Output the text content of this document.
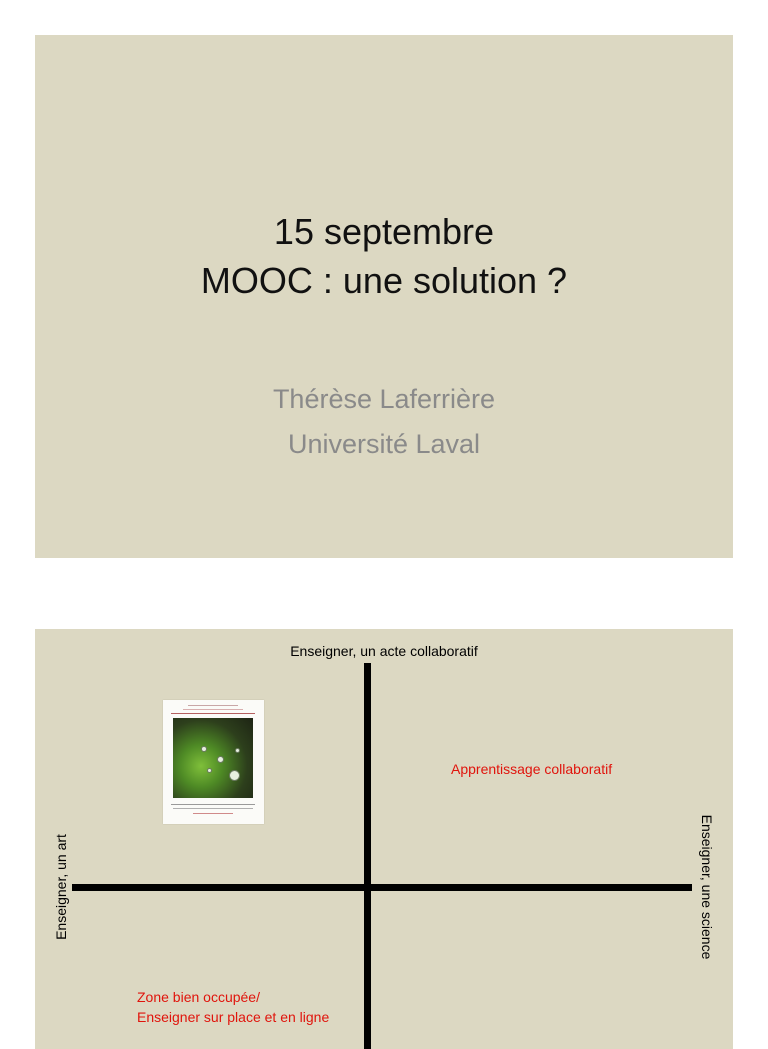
15 septembre
MOOC : une solution ?
Thérèse Laferrière
Université Laval
Enseigner, un acte collaboratif
Enseigner, un art	Enseigner, une science
Apprentissage collaboratif
Zone bien occupée/
Enseigner sur place et en ligne
